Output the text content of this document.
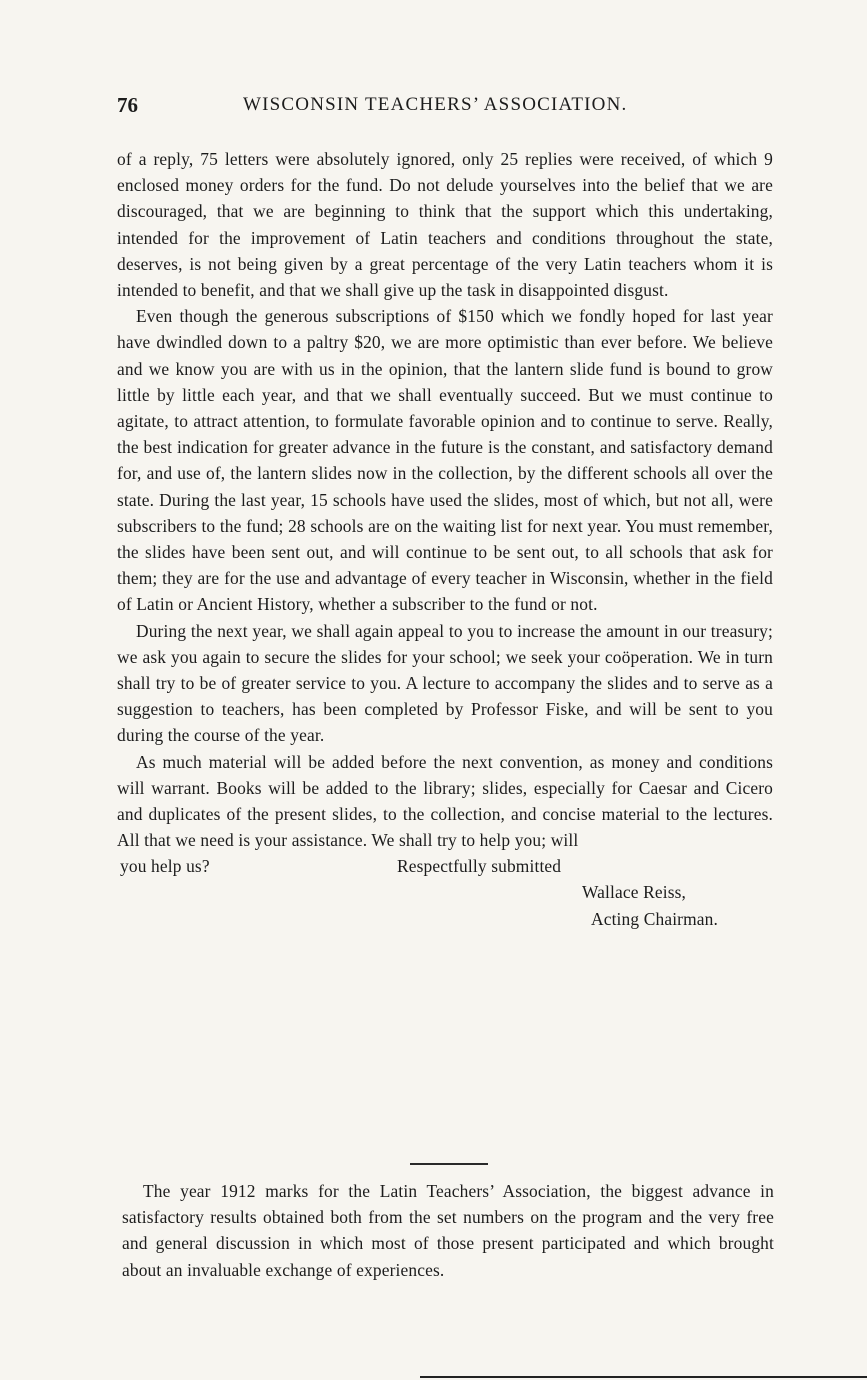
76	WISCONSIN TEACHERS’ ASSOCIATION.

of a reply, 75 letters were absolutely ignored, only 25 replies were received, of which 9 enclosed money orders for the fund. Do not delude yourselves into the belief that we are discouraged, that we are beginning to think that the support which this undertaking, intended for the improvement of Latin teachers and conditions throughout the state, deserves, is not being given by a great percentage of the very Latin teachers whom it is intended to benefit, and that we shall give up the task in disappointed disgust.

Even though the generous subscriptions of $150 which we fondly hoped for last year have dwindled down to a paltry $20, we are more optimistic than ever before. We believe and we know you are with us in the opinion, that the lantern slide fund is bound to grow little by little each year, and that we shall eventually succeed. But we must continue to agitate, to attract attention, to formulate favorable opinion and to continue to serve. Really, the best indication for greater advance in the future is the constant, and satisfactory demand for, and use of, the lantern slides now in the collection, by the different schools all over the state. During the last year, 15 schools have used the slides, most of which, but not all, were subscribers to the fund; 28 schools are on the waiting list for next year. You must remember, the slides have been sent out, and will continue to be sent out, to all schools that ask for them; they are for the use and advantage of every teacher in Wisconsin, whether in the field of Latin or Ancient History, whether a subscriber to the fund or not.

During the next year, we shall again appeal to you to increase the amount in our treasury; we ask you again to secure the slides for your school; we seek your coöperation. We in turn shall try to be of greater service to you. A lecture to accompany the slides and to serve as a suggestion to teachers, has been completed by Professor Fiske, and will be sent to you during the course of the year.

As much material will be added before the next convention, as money and conditions will warrant. Books will be added to the library; slides, especially for Caesar and Cicero and duplicates of the present slides, to the collection, and concise material to the lectures. All that we need is your assistance. We shall try to help you; will

you help us?	Respectfully submitted
Wallace Reiss,
Acting Chairman.

The year 1912 marks for the Latin Teachers’ Association, the biggest advance in satisfactory results obtained both from the set numbers on the program and the very free and general discussion in which most of those present participated and which brought about an invaluable exchange of experiences.
